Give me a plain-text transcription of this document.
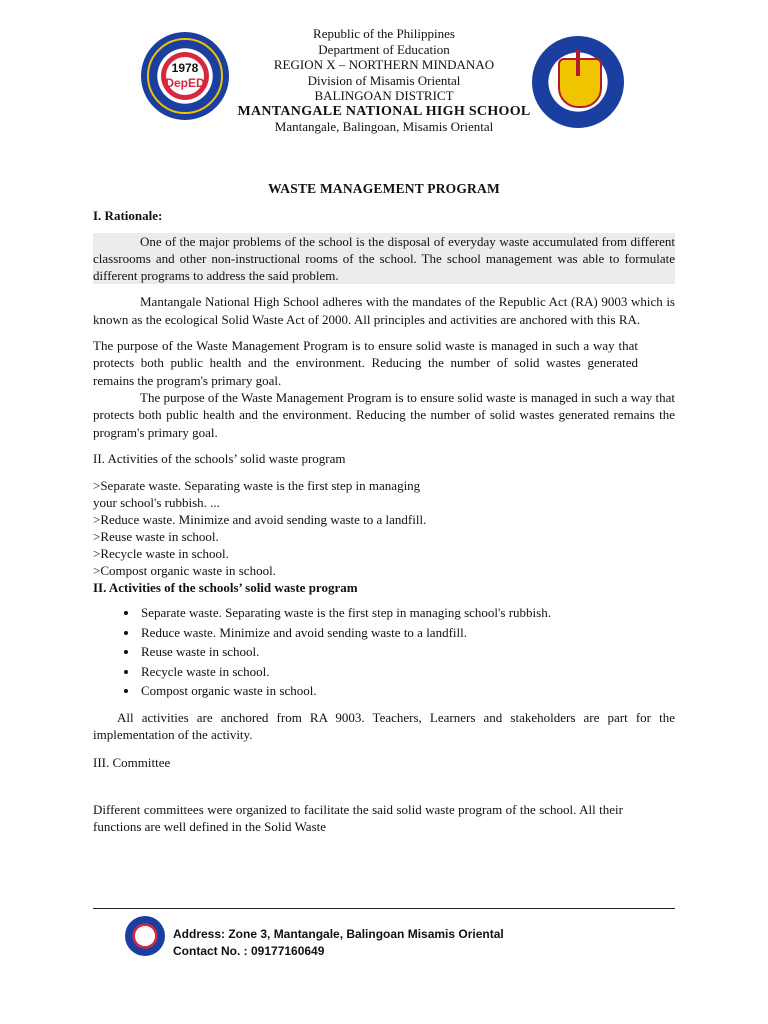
1978
DepED
Republic of the Philippines
Department of Education
REGION X – NORTHERN MINDANAO
Division of Misamis Oriental
BALINGOAN DISTRICT
MANTANGALE NATIONAL HIGH SCHOOL
Mantangale, Balingoan, Misamis Oriental
WASTE MANAGEMENT PROGRAM
I. Rationale:

One of the major problems of the school is the disposal of everyday waste accumulated from different classrooms and other non-instructional rooms of the school. The school management was able to formulate different programs to address the said problem.

Mantangale National High School adheres with the mandates of the Republic Act (RA) 9003 which is known as the ecological Solid Waste Act of 2000. All principles and activities are anchored with this RA.

The purpose of the Waste Management Program is to ensure solid waste is managed in such a way that protects both public health and the environment. Reducing the number of solid wastes generated remains the program's primary goal.

The purpose of the Waste Management Program is to ensure solid waste is managed in such a way that protects both public health and the environment. Reducing the number of solid wastes generated remains the program's primary goal.

II. Activities of the schools’ solid waste program

>Separate waste. Separating waste is the first step in managing
your school's rubbish. ...
>Reduce waste. Minimize and avoid sending waste to a landfill.
>Reuse waste in school.
>Recycle waste in school.
>Compost organic waste in school.
II. Activities of the schools’ solid waste program
• Separate waste. Separating waste is the first step in managing school's rubbish.
• Reduce waste. Minimize and avoid sending waste to a landfill.
• Reuse waste in school.
• Recycle waste in school.
• Compost organic waste in school.

All activities are anchored from RA 9003. Teachers, Learners and stakeholders are part for the implementation of the activity.

III. Committee

Different committees were organized to facilitate the said solid waste program of the school. All their functions are well defined in the Solid Waste

Address: Zone 3, Mantangale, Balingoan Misamis Oriental
Contact No. : 09177160649
